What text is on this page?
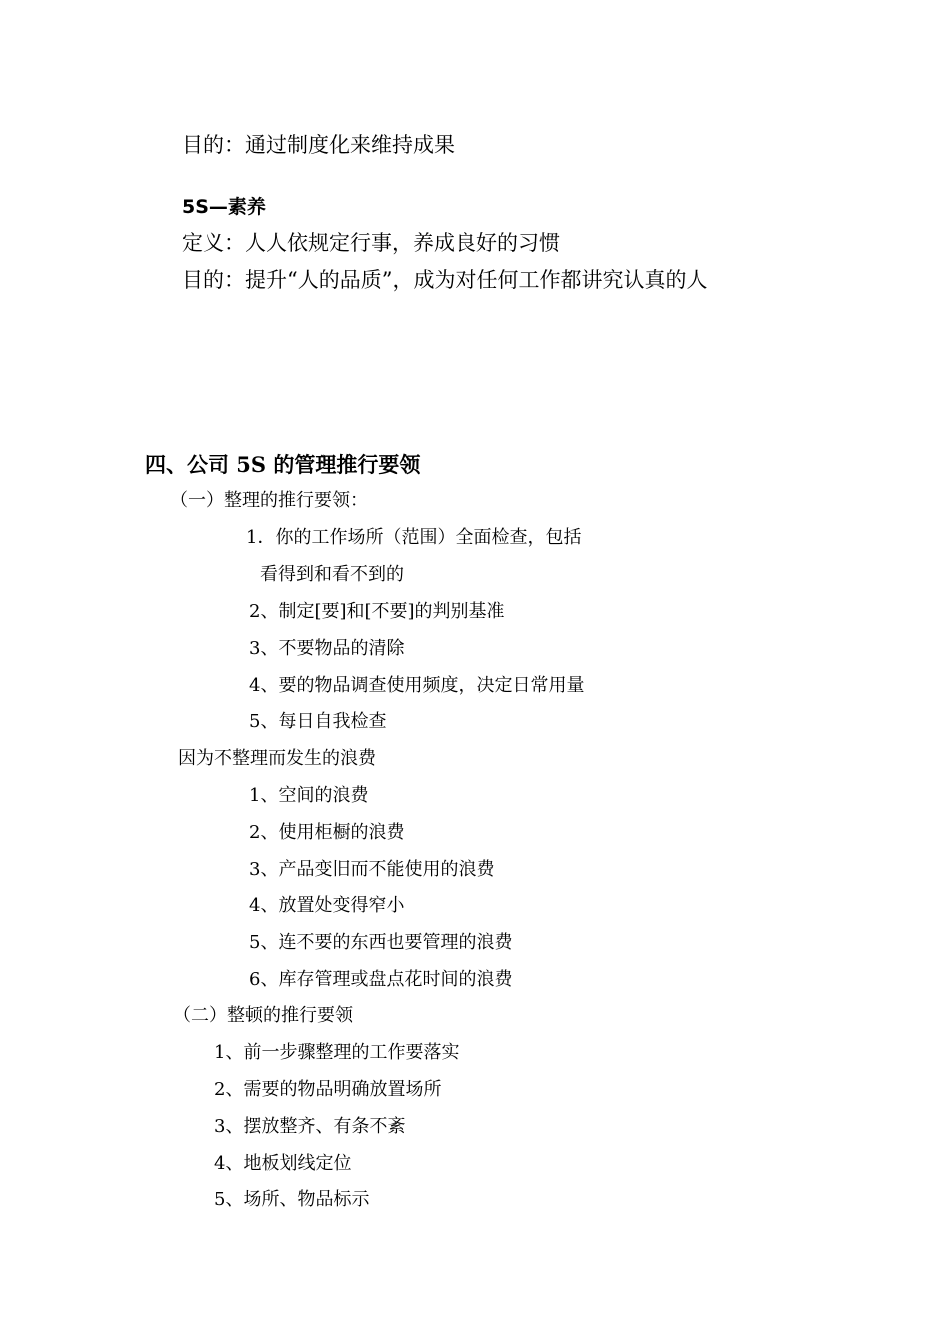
目的：通过制度化来维持成果
5S—素养
定义：人人依规定行事，养成良好的习惯
目的：提升“人的品质”，成为对任何工作都讲究认真的人
四、公司 5S 的管理推行要领
（一）整理的推行要领：
1．你的工作场所（范围）全面检查，包括
看得到和看不到的
2、制定[要]和[不要]的判别基准
3、不要物品的清除
4、要的物品调查使用频度，决定日常用量
5、每日自我检查
因为不整理而发生的浪费
1、空间的浪费
2、使用柜橱的浪费
3、产品变旧而不能使用的浪费
4、放置处变得窄小
5、连不要的东西也要管理的浪费
6、库存管理或盘点花时间的浪费
（二）整顿的推行要领
1、前一步骤整理的工作要落实
2、需要的物品明确放置场所
3、摆放整齐、有条不紊
4、地板划线定位
5、场所、物品标示
